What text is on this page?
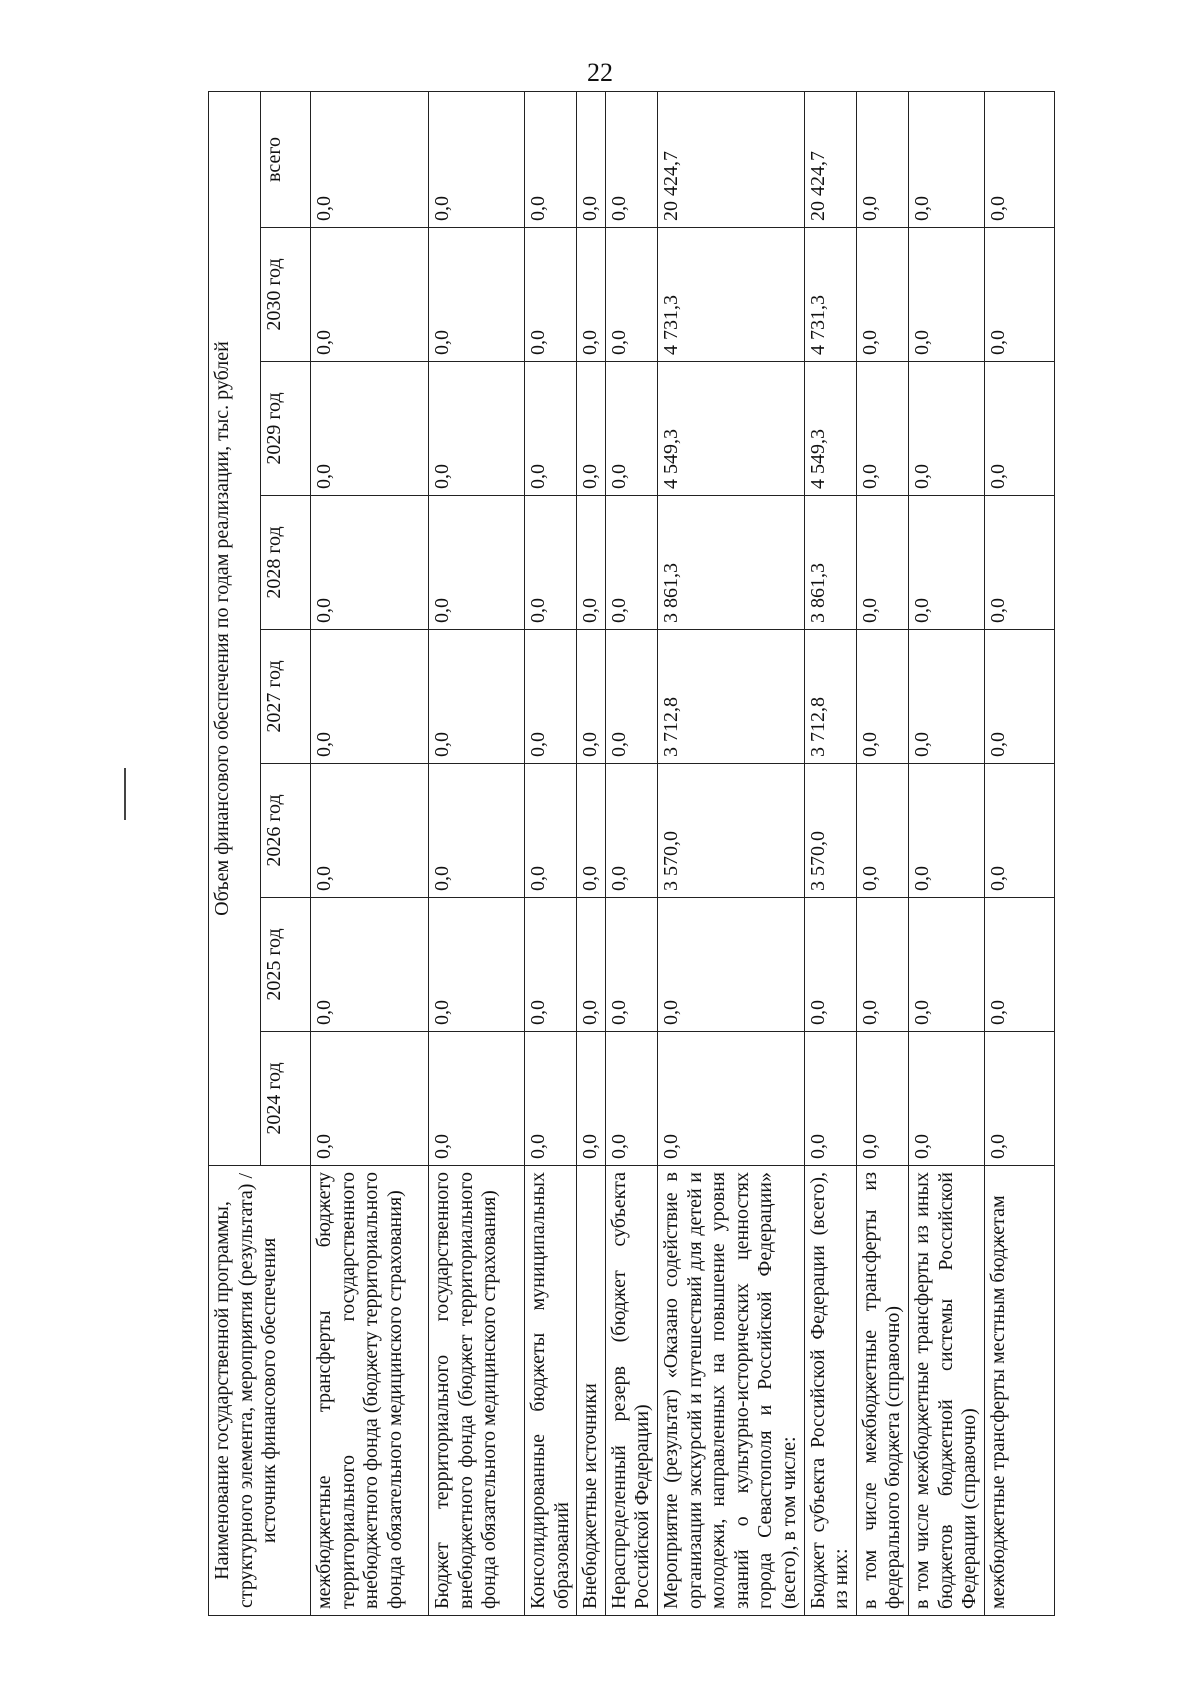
22
Наименование государственной программы, структурного элемента, мероприятия (результата) / источник финансового обеспечения	Объем финансового обеспечения по годам реализации, тыс. рублей							
	2024 год	2025 год	2026 год	2027 год	2028 год	2029 год	2030 год	всего
межбюджетные трансферты бюджету территориального государственного внебюджетного фонда (бюджету территориального фонда обязательного медицинского страхования)	0,0	0,0	0,0	0,0	0,0	0,0	0,0	0,0
Бюджет территориального государственного внебюджетного фонда (бюджет территориального фонда обязательного медицинского страхования)	0,0	0,0	0,0	0,0	0,0	0,0	0,0	0,0
Консолидированные бюджеты муниципальных образований	0,0	0,0	0,0	0,0	0,0	0,0	0,0	0,0
Внебюджетные источники	0,0	0,0	0,0	0,0	0,0	0,0	0,0	0,0
Нераспределенный резерв (бюджет субъекта Российской Федерации)	0,0	0,0	0,0	0,0	0,0	0,0	0,0	0,0
Мероприятие (результат) «Оказано содействие в организации экскурсий и путешествий для детей и молодежи, направленных на повышение уровня знаний о культурно-исторических ценностях города Севастополя и Российской Федерации» (всего), в том числе:	0,0	0,0	3 570,0	3 712,8	3 861,3	4 549,3	4 731,3	20 424,7
Бюджет субъекта Российской Федерации (всего), из них:	0,0	0,0	3 570,0	3 712,8	3 861,3	4 549,3	4 731,3	20 424,7
в том числе межбюджетные трансферты из федерального бюджета (справочно)	0,0	0,0	0,0	0,0	0,0	0,0	0,0	0,0
в том числе межбюджетные трансферты из иных бюджетов бюджетной системы Российской Федерации (справочно)	0,0	0,0	0,0	0,0	0,0	0,0	0,0	0,0
межбюджетные трансферты местным бюджетам	0,0	0,0	0,0	0,0	0,0	0,0	0,0	0,0
